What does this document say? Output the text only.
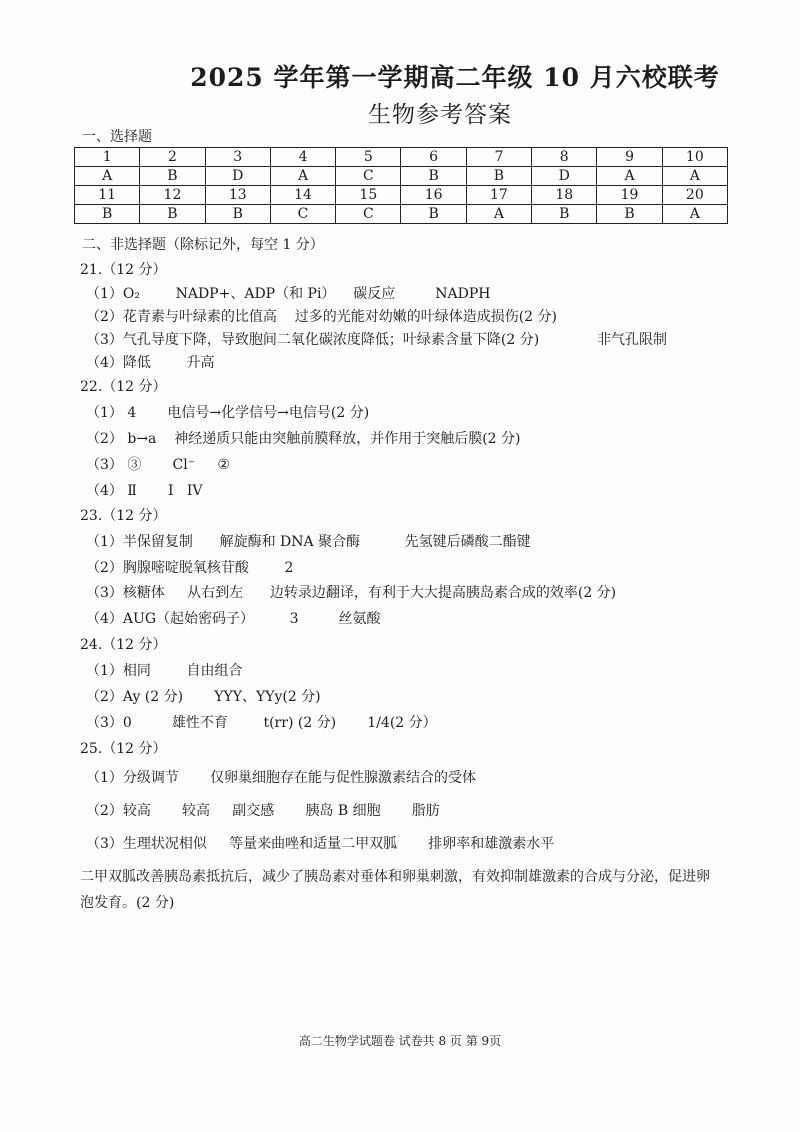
2025 学年第一学期高二年级 10 月六校联考
生物参考答案
一、选择题
1	2	3	4	5	6	7	8	9	10
A	B	D	A	C	B	B	D	A	A
11	12	13	14	15	16	17	18	19	20
B	B	B	C	C	B	A	B	B	A
二、非选择题（除标记外，每空 1 分）
21.（12 分）
（1）O₂        NADP+、ADP（和 Pi）    碳反应         NADPH
（2）花青素与叶绿素的比值高    过多的光能对幼嫩的叶绿体造成损伤(2 分)
（3）气孔导度下降，导致胞间二氧化碳浓度降低；叶绿素含量下降(2 分)             非气孔限制
（4）降低        升高
22.（12 分）
（1） 4       电信号→化学信号→电信号(2 分)
（2） b→a    神经递质只能由突触前膜释放，并作用于突触后膜(2 分)
（3） ③       Cl⁻     ②
（4） Ⅱ       I   IV
23.（12 分）
（1）半保留复制      解旋酶和 DNA 聚合酶          先氢键后磷酸二酯键
（2）胸腺嘧啶脱氧核苷酸        2
（3）核糖体     从右到左      边转录边翻译，有利于大大提高胰岛素合成的效率(2 分)
（4）AUG（起始密码子）        3         丝氨酸
24.（12 分）
（1）相同        自由组合
（2）Ay (2 分)       YYY、YYy(2 分)
（3）0         雄性不育        t(rr) (2 分)       1/4(2 分）
25.（12 分）
（1）分级调节       仅卵巢细胞存在能与促性腺激素结合的受体
（2）较高       较高     副交感       胰岛 B 细胞       脂肪
（3）生理状况相似     等量来曲唑和适量二甲双胍       排卵率和雄激素水平
二甲双胍改善胰岛素抵抗后，减少了胰岛素对垂体和卵巢刺激，有效抑制雄激素的合成与分泌，促进卵泡发育。(2 分)
高二生物学试题卷 试卷共 8 页 第 9页
